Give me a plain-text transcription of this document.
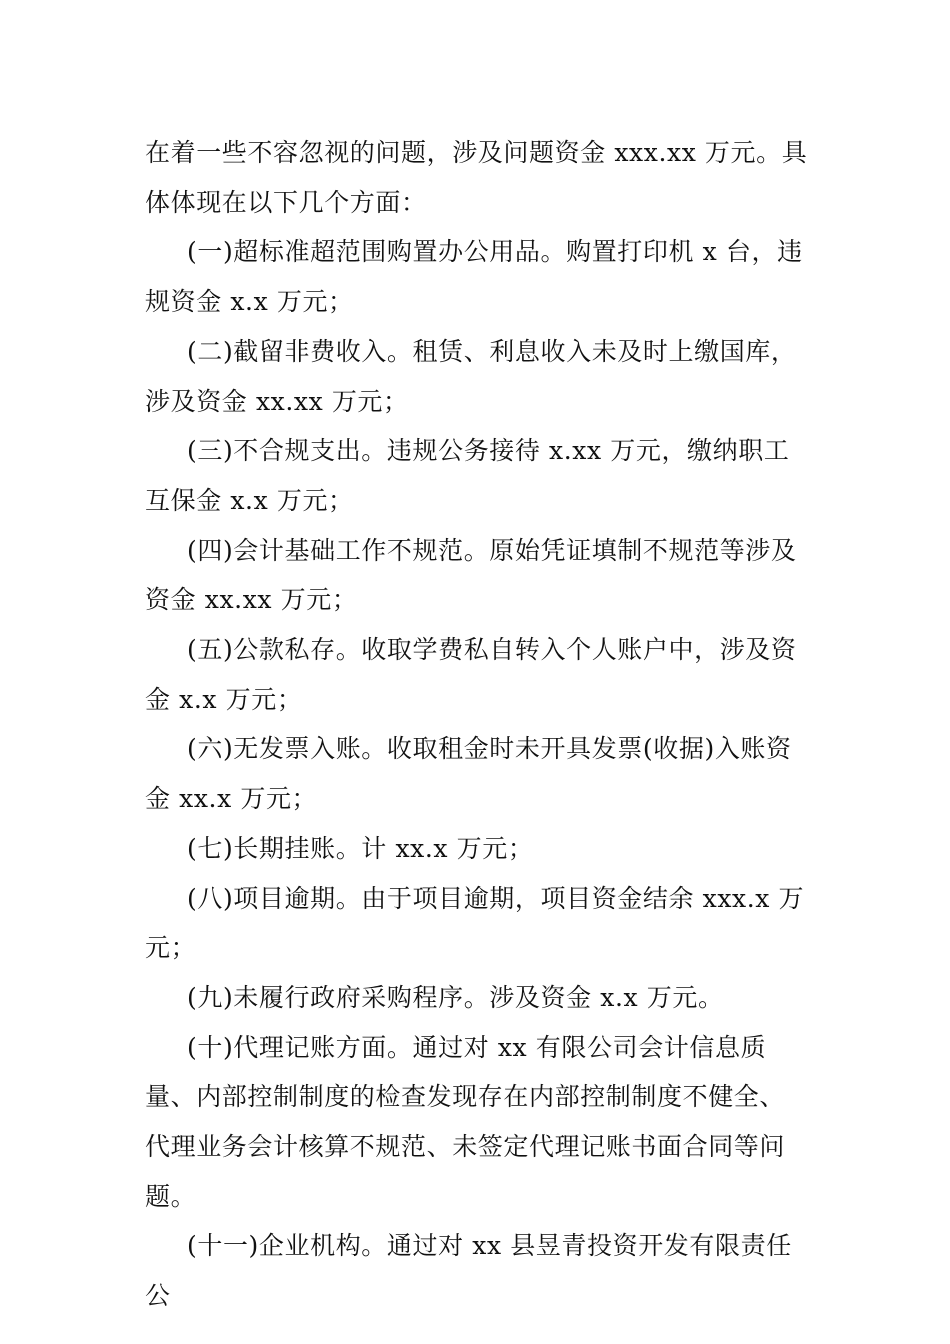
在着一些不容忽视的问题，涉及问题资金 xxx.xx 万元。具体体现在以下几个方面：

(一)超标准超范围购置办公用品。购置打印机 x 台，违规资金 x.x 万元；

(二)截留非费收入。租赁、利息收入未及时上缴国库，涉及资金 xx.xx 万元；

(三)不合规支出。违规公务接待 x.xx 万元，缴纳职工互保金 x.x 万元；

(四)会计基础工作不规范。原始凭证填制不规范等涉及资金 xx.xx 万元；

(五)公款私存。收取学费私自转入个人账户中，涉及资金 x.x 万元；

(六)无发票入账。收取租金时未开具发票(收据)入账资金 xx.x 万元；

(七)长期挂账。计 xx.x 万元；

(八)项目逾期。由于项目逾期，项目资金结余 xxx.x 万元；

(九)未履行政府采购程序。涉及资金 x.x 万元。

(十)代理记账方面。通过对 xx 有限公司会计信息质量、内部控制制度的检查发现存在内部控制制度不健全、代理业务会计核算不规范、未签定代理记账书面合同等问题。

(十一)企业机构。通过对 xx 县昱青投资开发有限责任公
